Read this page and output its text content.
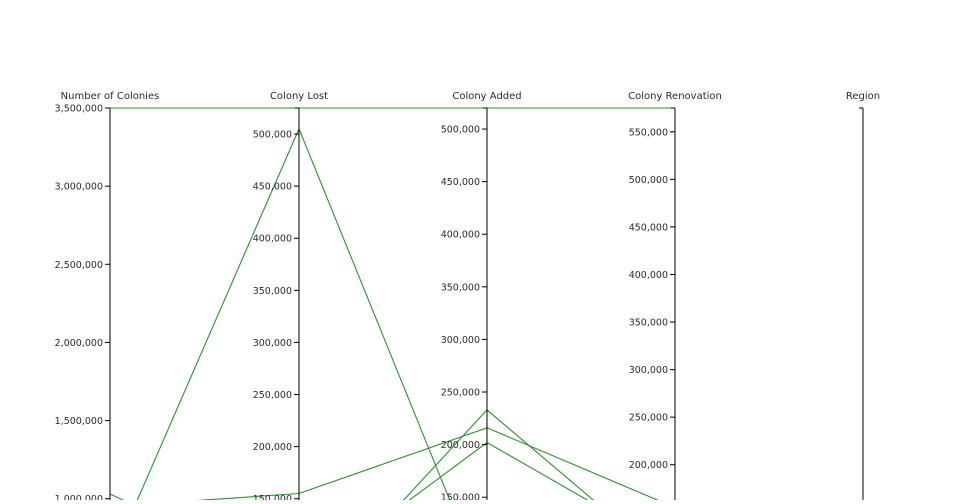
Number of Colonies
1,000,000
1,500,000
2,000,000
2,500,000
3,000,000
3,500,000
Colony Lost
150,000
200,000
250,000
300,000
350,000
400,000
450,000
500,000
Colony Added
150,000
200,000
250,000
300,000
350,000
400,000
450,000
500,000
Colony Renovation
200,000
250,000
300,000
350,000
400,000
450,000
500,000
550,000
Region
